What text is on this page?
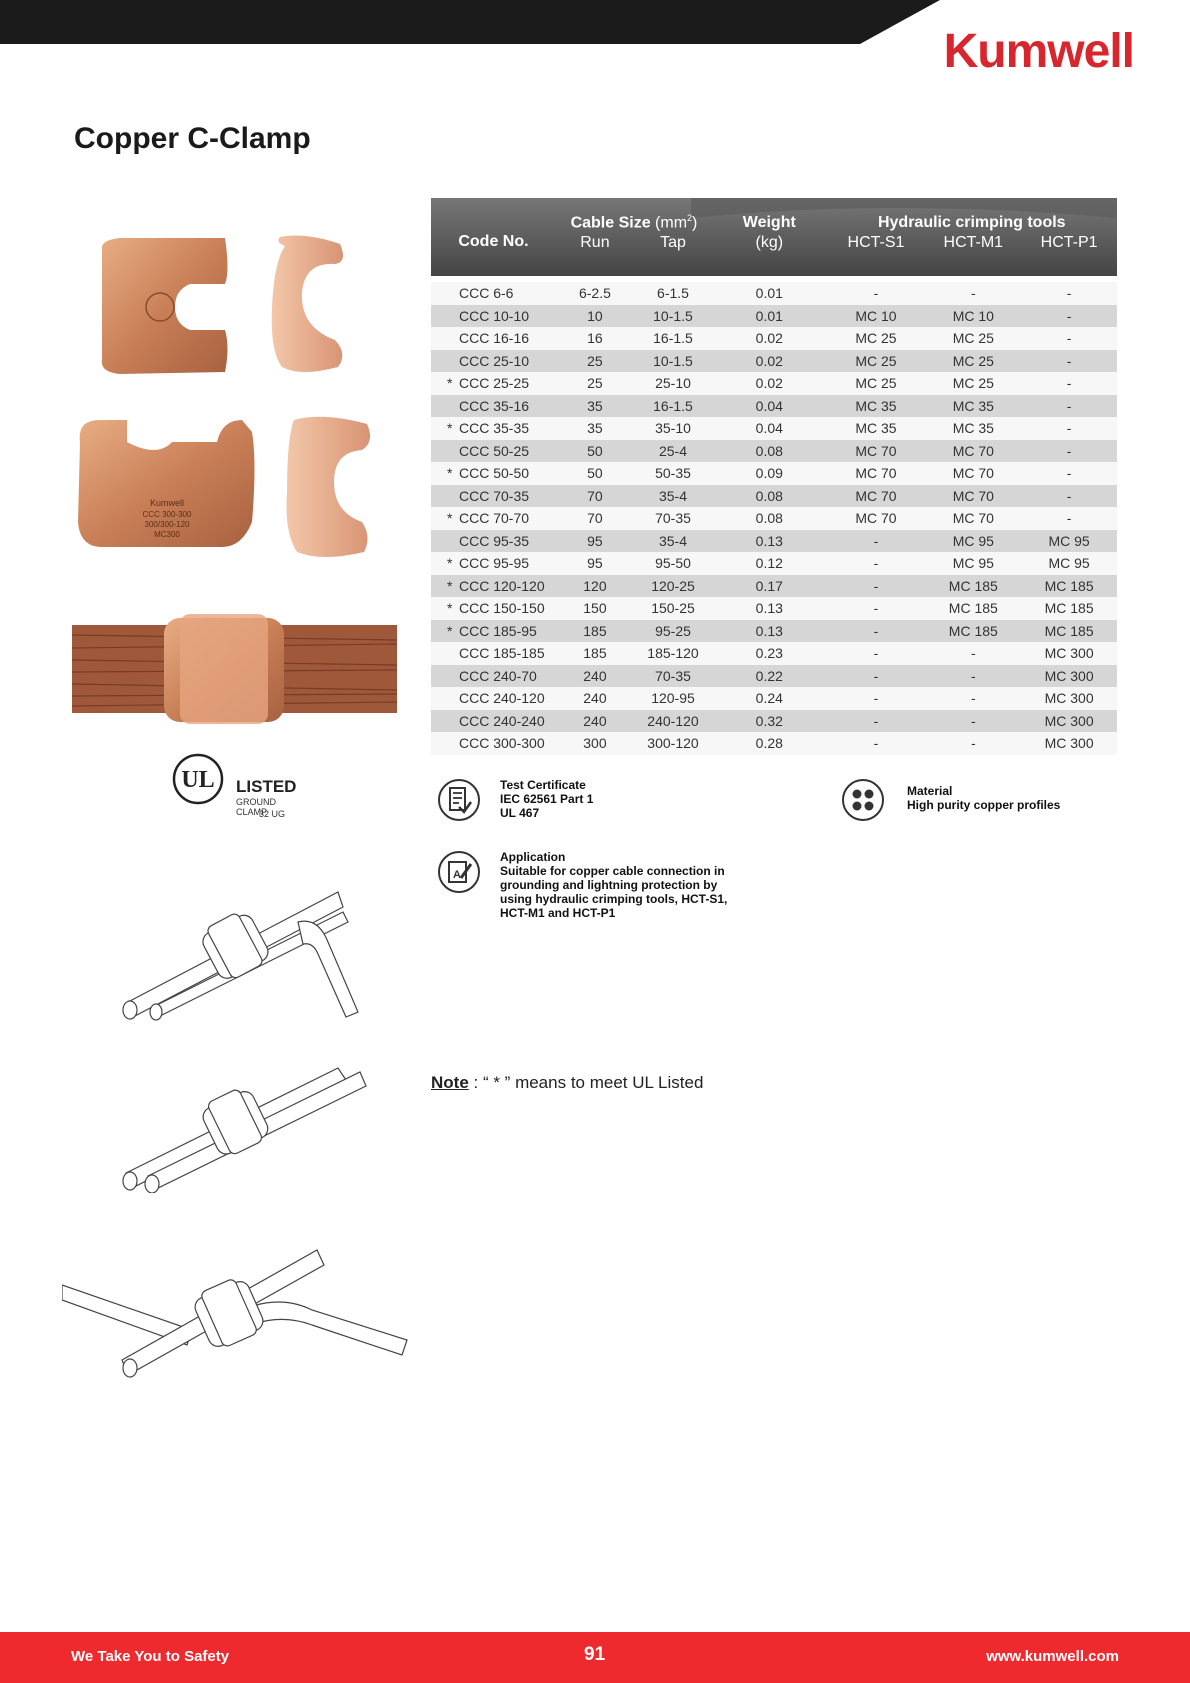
Kumwell
Copper C-Clamp
Kumwell
CCC 300-300
300/300-120
MC300
UL LISTED
GROUND CLAMP
32 UG
Code No.	Cable Size $(mm^2)$		Weight	Hydraulic crimping tools		
	Run	Tap	(kg)	HCT-S1	HCT-M1	HCT-P1

CCC 6-6	6-2.5	6-1.5	0.01	-	-	-

CCC 10-10	10	10-1.5	0.01	MC 10	MC 10	-

CCC 16-16	16	16-1.5	0.02	MC 25	MC 25	-

CCC 25-10	25	10-1.5	0.02	MC 25	MC 25	-

* CCC 25-25	25	25-10	0.02	MC 25	MC 25	-

CCC 35-16	35	16-1.5	0.04	MC 35	MC 35	-

* CCC 35-35	35	35-10	0.04	MC 35	MC 35	-

CCC 50-25	50	25-4	0.08	MC 70	MC 70	-

* CCC 50-50	50	50-35	0.09	MC 70	MC 70	-

CCC 70-35	70	35-4	0.08	MC 70	MC 70	-

* CCC 70-70	70	70-35	0.08	MC 70	MC 70	-

CCC 95-35	95	35-4	0.13	-	MC 95	MC 95

* CCC 95-95	95	95-50	0.12	-	MC 95	MC 95

* CCC 120-120	120	120-25	0.17	-	MC 185	MC 185

* CCC 150-150	150	150-25	0.13	-	MC 185	MC 185

* CCC 185-95	185	95-25	0.13	-	MC 185	MC 185

CCC 185-185	185	185-120	0.23	-	-	MC 300

CCC 240-70	240	70-35	0.22	-	-	MC 300

CCC 240-120	240	120-95	0.24	-	-	MC 300

CCC 240-240	240	240-120	0.32	-	-	MC 300

CCC 300-300	300	300-120	0.28	-	-	MC 300
Test Certificate
IEC 62561 Part 1
UL 467
Material
High purity copper profiles
A
Application
Suitable for copper cable connection in
grounding and lightning protection by
using hydraulic crimping tools, HCT-S1,
HCT-M1 and HCT-P1
Note : “ * ” means to meet UL Listed
We Take You to Safety	91	www.kumwell.com
